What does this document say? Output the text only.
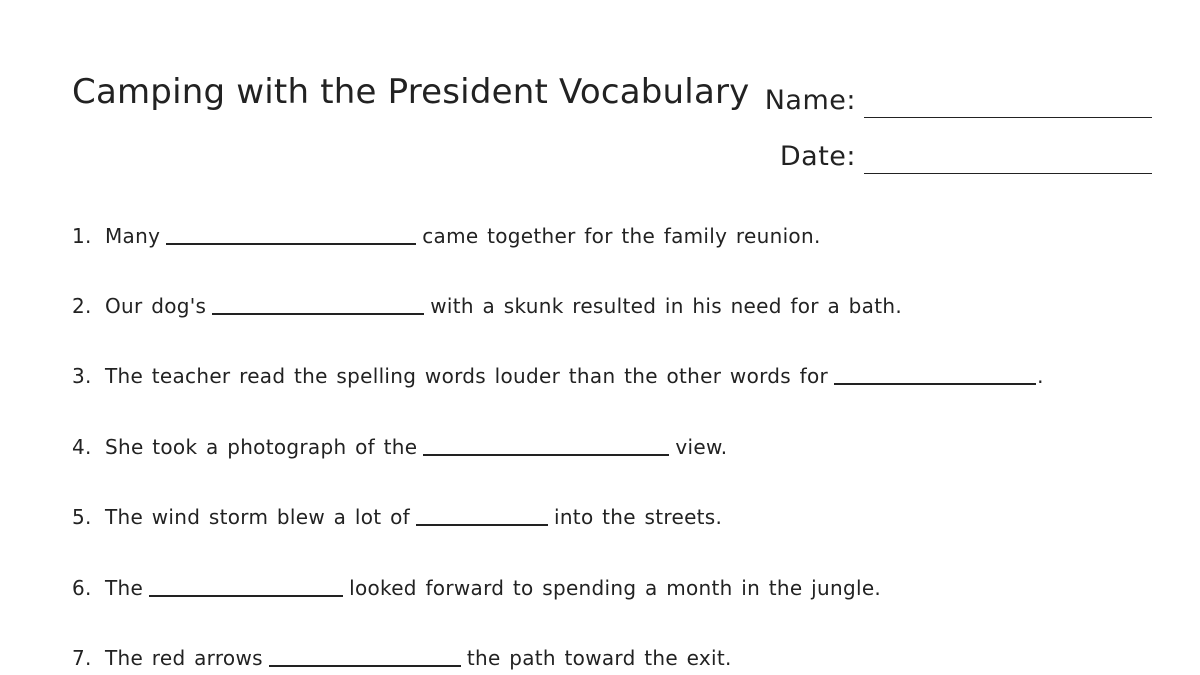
Camping with the President Vocabulary Name:
Date:
1. Many	came together for the family reunion.
2. Our dog's	with a skunk resulted in his need for a bath.
3. The teacher read the spelling words louder than the other words for	.
4. She took a photograph of the	view.
5. The wind storm blew a lot of	into the streets.
6. The	looked forward to spending a month in the jungle.
7. The red arrows	the path toward the exit.
